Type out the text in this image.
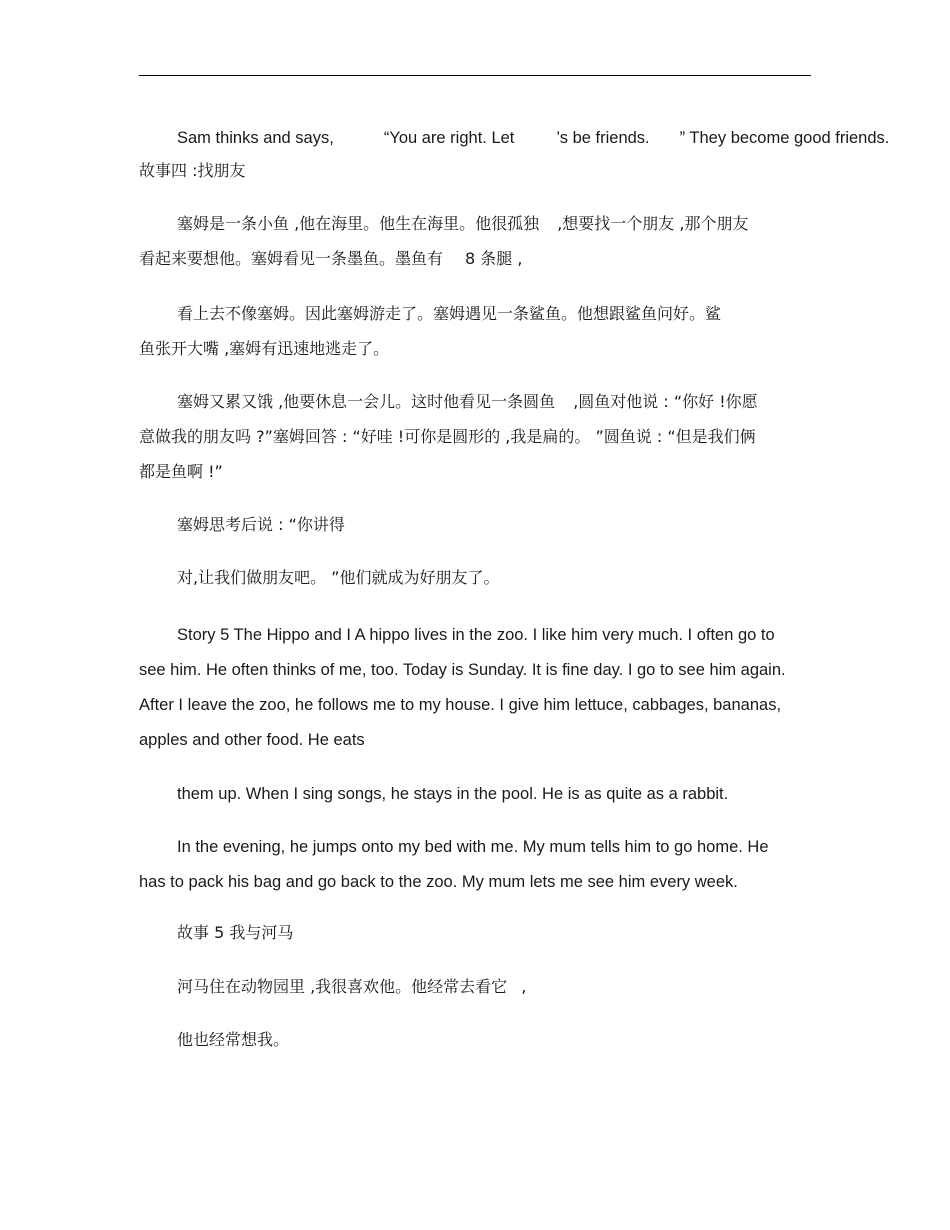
Sam thinks and says,	“You are right. Let	’s be friends. ” They become good friends.
故事四 :找朋友
塞姆是一条小鱼 ,他在海里。他生在海里。他很孤独 ,想要找一个朋友 ,那个朋友
看起来要想他。塞姆看见一条墨鱼。墨鱼有 8 条腿 ,
看上去不像塞姆。因此塞姆游走了。塞姆遇见一条鲨鱼。他想跟鲨鱼问好。鲨
鱼张开大嘴 ,塞姆有迅速地逃走了。
塞姆又累又饿 ,他要休息一会儿。这时他看见一条圆鱼 ,圆鱼对他说 : “你好 !你愿
意做我的朋友吗 ?”塞姆回答 : “好哇 !可你是圆形的 ,我是扁的。 ”圆鱼说 : “但是我们俩
都是鱼啊 !”
塞姆思考后说 : “你讲得
对,让我们做朋友吧。 ”他们就成为好朋友了。
Story 5 The Hippo and I A hippo lives in the zoo. I like him very much. I often go to
see him. He often thinks of me, too. Today is Sunday. It is fine day. I go to see him again.
After I leave the zoo, he follows me to my house. I give him lettuce, cabbages, bananas,
apples and other food. He eats
them up. When I sing songs, he stays in the pool. He is as quite as a rabbit.
In the evening, he jumps onto my bed with me. My mum tells him to go home. He
has to pack his bag and go back to the zoo. My mum lets me see him every week.
故事 5 我与河马
河马住在动物园里 ,我很喜欢他。他经常去看它 ,
他也经常想我。
